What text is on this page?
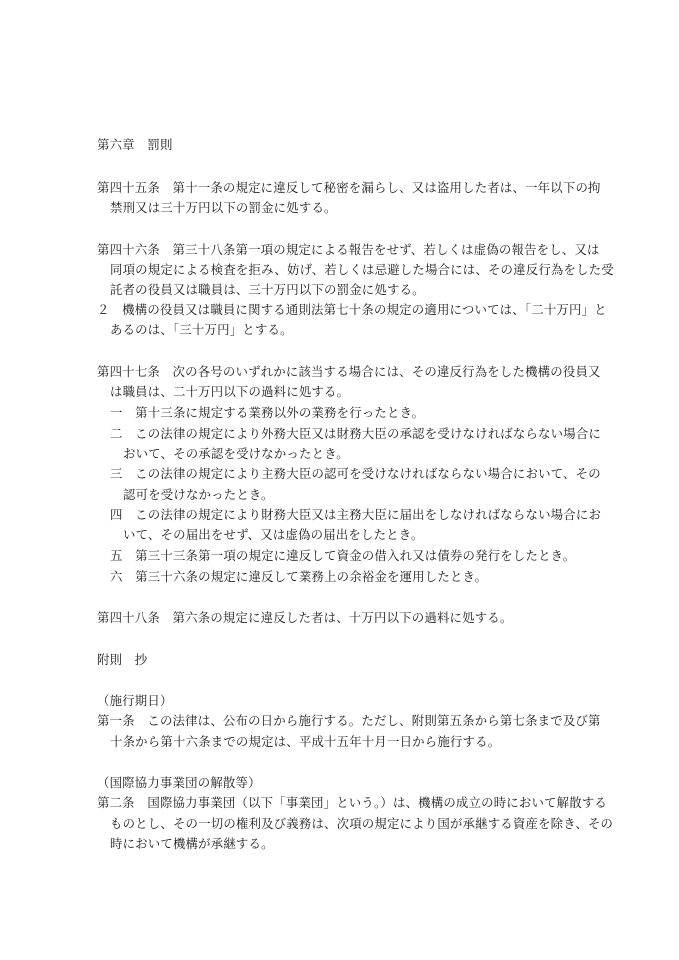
第六章　罰則
第四十五条　第十一条の規定に違反して秘密を漏らし、又は盗用した者は、一年以下の拘
禁刑又は三十万円以下の罰金に処する。
第四十六条　第三十八条第一項の規定による報告をせず、若しくは虚偽の報告をし、又は
同項の規定による検査を拒み、妨げ、若しくは忌避した場合には、その違反行為をした受
託者の役員又は職員は、三十万円以下の罰金に処する。
２　機構の役員又は職員に関する通則法第七十条の規定の適用については、「二十万円」と
あるのは、「三十万円」とする。
第四十七条　次の各号のいずれかに該当する場合には、その違反行為をした機構の役員又
は職員は、二十万円以下の過料に処する。
一　第十三条に規定する業務以外の業務を行ったとき。
二　この法律の規定により外務大臣又は財務大臣の承認を受けなければならない場合に
おいて、その承認を受けなかったとき。
三　この法律の規定により主務大臣の認可を受けなければならない場合において、その
認可を受けなかったとき。
四　この法律の規定により財務大臣又は主務大臣に届出をしなければならない場合にお
いて、その届出をせず、又は虚偽の届出をしたとき。
五　第三十三条第一項の規定に違反して資金の借入れ又は債券の発行をしたとき。
六　第三十六条の規定に違反して業務上の余裕金を運用したとき。
第四十八条　第六条の規定に違反した者は、十万円以下の過料に処する。
附則　抄
（施行期日）
第一条　この法律は、公布の日から施行する。ただし、附則第五条から第七条まで及び第
十条から第十六条までの規定は、平成十五年十月一日から施行する。
（国際協力事業団の解散等）
第二条　国際協力事業団（以下「事業団」という。）は、機構の成立の時において解散する
ものとし、その一切の権利及び義務は、次項の規定により国が承継する資産を除き、その
時において機構が承継する。
